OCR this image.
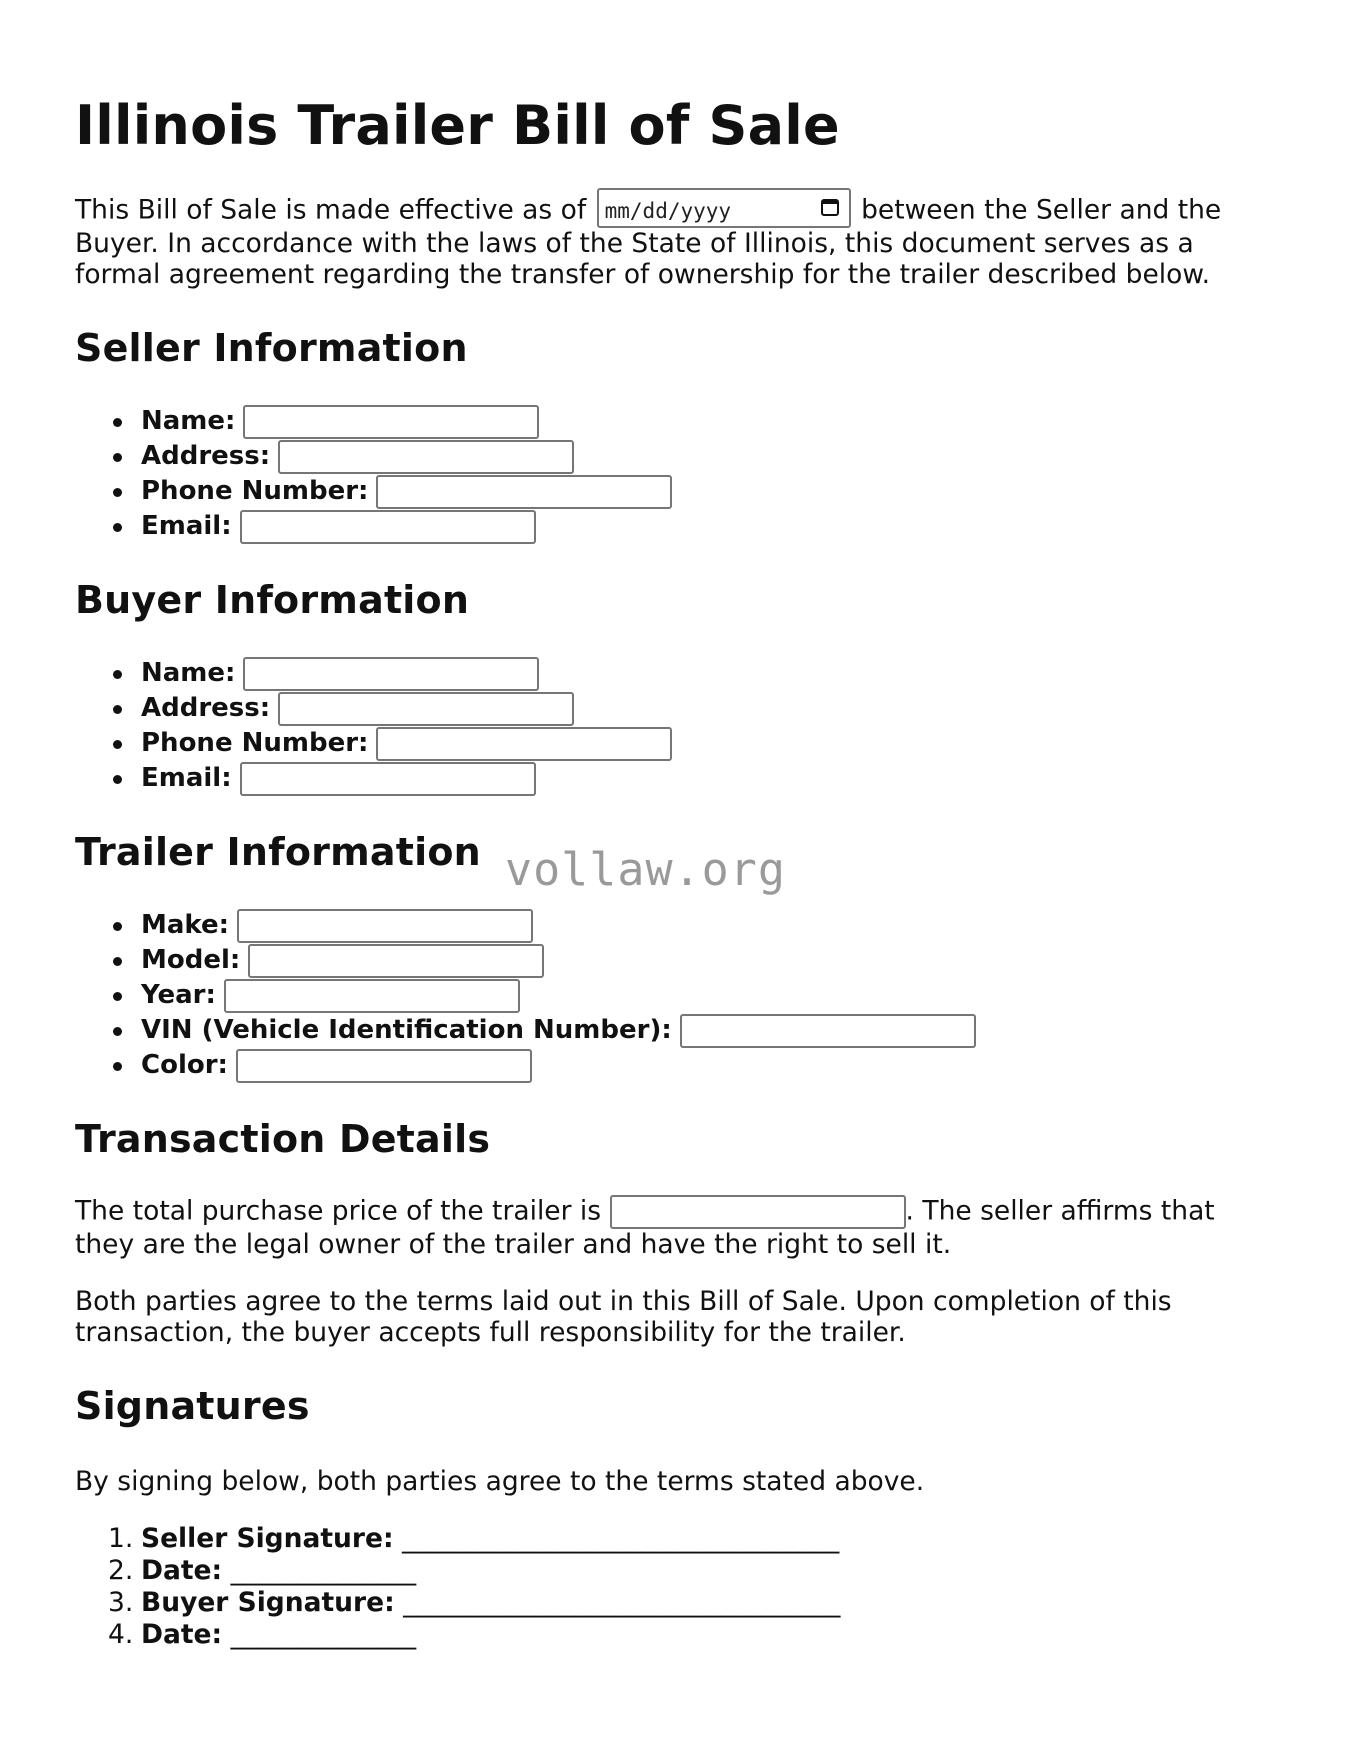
Illinois Trailer Bill of Sale

This Bill of Sale is made effective as of mm/dd/yyyy	between the Seller and the Buyer. In accordance with the laws of the State of Illinois, this document serves as a formal agreement regarding the transfer of ownership for the trailer described below.

Seller Information
Name:
Address:
Phone Number:
Email:
Buyer Information
Name:
Address:
Phone Number:
Email:
Trailer Information
Make:
Model:
Year:
VIN (Vehicle Identification Number):
Color:
Transaction Details

The total purchase price of the trailer is	. The seller affirms that they are the legal owner of the trailer and have the right to sell it.

Both parties agree to the terms laid out in this Bill of Sale. Upon completion of this transaction, the buyer accepts full responsibility for the trailer.

Signatures

By signing below, both parties agree to the terms stated above.

1. Seller Signature: _________________________________
2. Date: ______________
3. Buyer Signature: _________________________________
4. Date: ______________
vollaw.org
